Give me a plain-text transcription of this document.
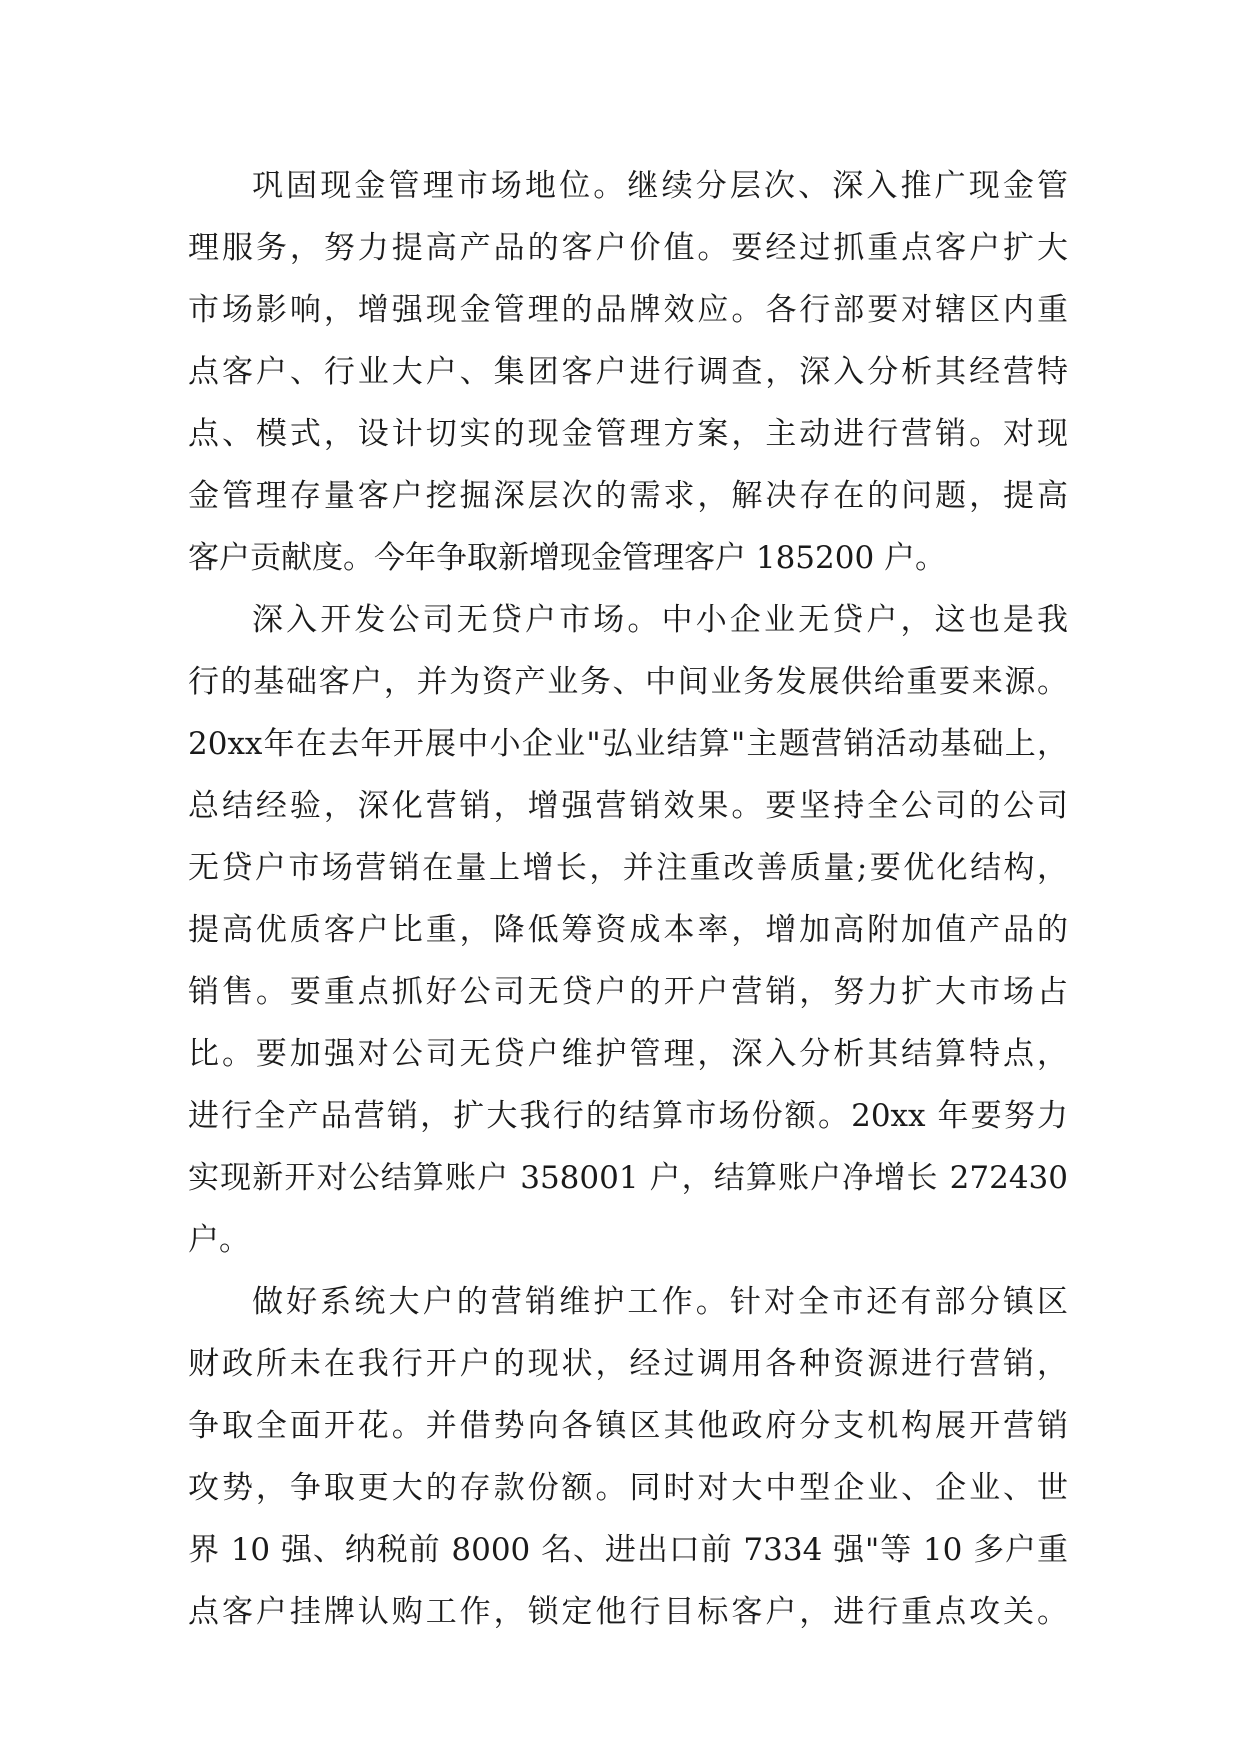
巩固现金管理市场地位。继续分层次、深入推广现金管
理服务，努力提高产品的客户价值。要经过抓重点客户扩大
市场影响，增强现金管理的品牌效应。各行部要对辖区内重
点客户、行业大户、集团客户进行调查，深入分析其经营特
点、模式，设计切实的现金管理方案，主动进行营销。对现
金管理存量客户挖掘深层次的需求，解决存在的问题，提高
客户贡献度。今年争取新增现金管理客户 185200 户。
深入开发公司无贷户市场。中小企业无贷户，这也是我
行的基础客户，并为资产业务、中间业务发展供给重要来源。
20xx年在去年开展中小企业"弘业结算"主题营销活动基础上，
总结经验，深化营销，增强营销效果。要坚持全公司的公司
无贷户市场营销在量上增长，并注重改善质量;要优化结构，
提高优质客户比重，降低筹资成本率，增加高附加值产品的
销售。要重点抓好公司无贷户的开户营销，努力扩大市场占
比。要加强对公司无贷户维护管理，深入分析其结算特点，
进行全产品营销，扩大我行的结算市场份额。20xx 年要努力
实现新开对公结算账户 358001 户，结算账户净增长 272430
户。
做好系统大户的营销维护工作。针对全市还有部分镇区
财政所未在我行开户的现状，经过调用各种资源进行营销，
争取全面开花。并借势向各镇区其他政府分支机构展开营销
攻势，争取更大的存款份额。同时对大中型企业、企业、世
界 10 强、纳税前 8000 名、进出口前 7334 强"等 10 多户重
点客户挂牌认购工作，锁定他行目标客户，进行重点攻关。
